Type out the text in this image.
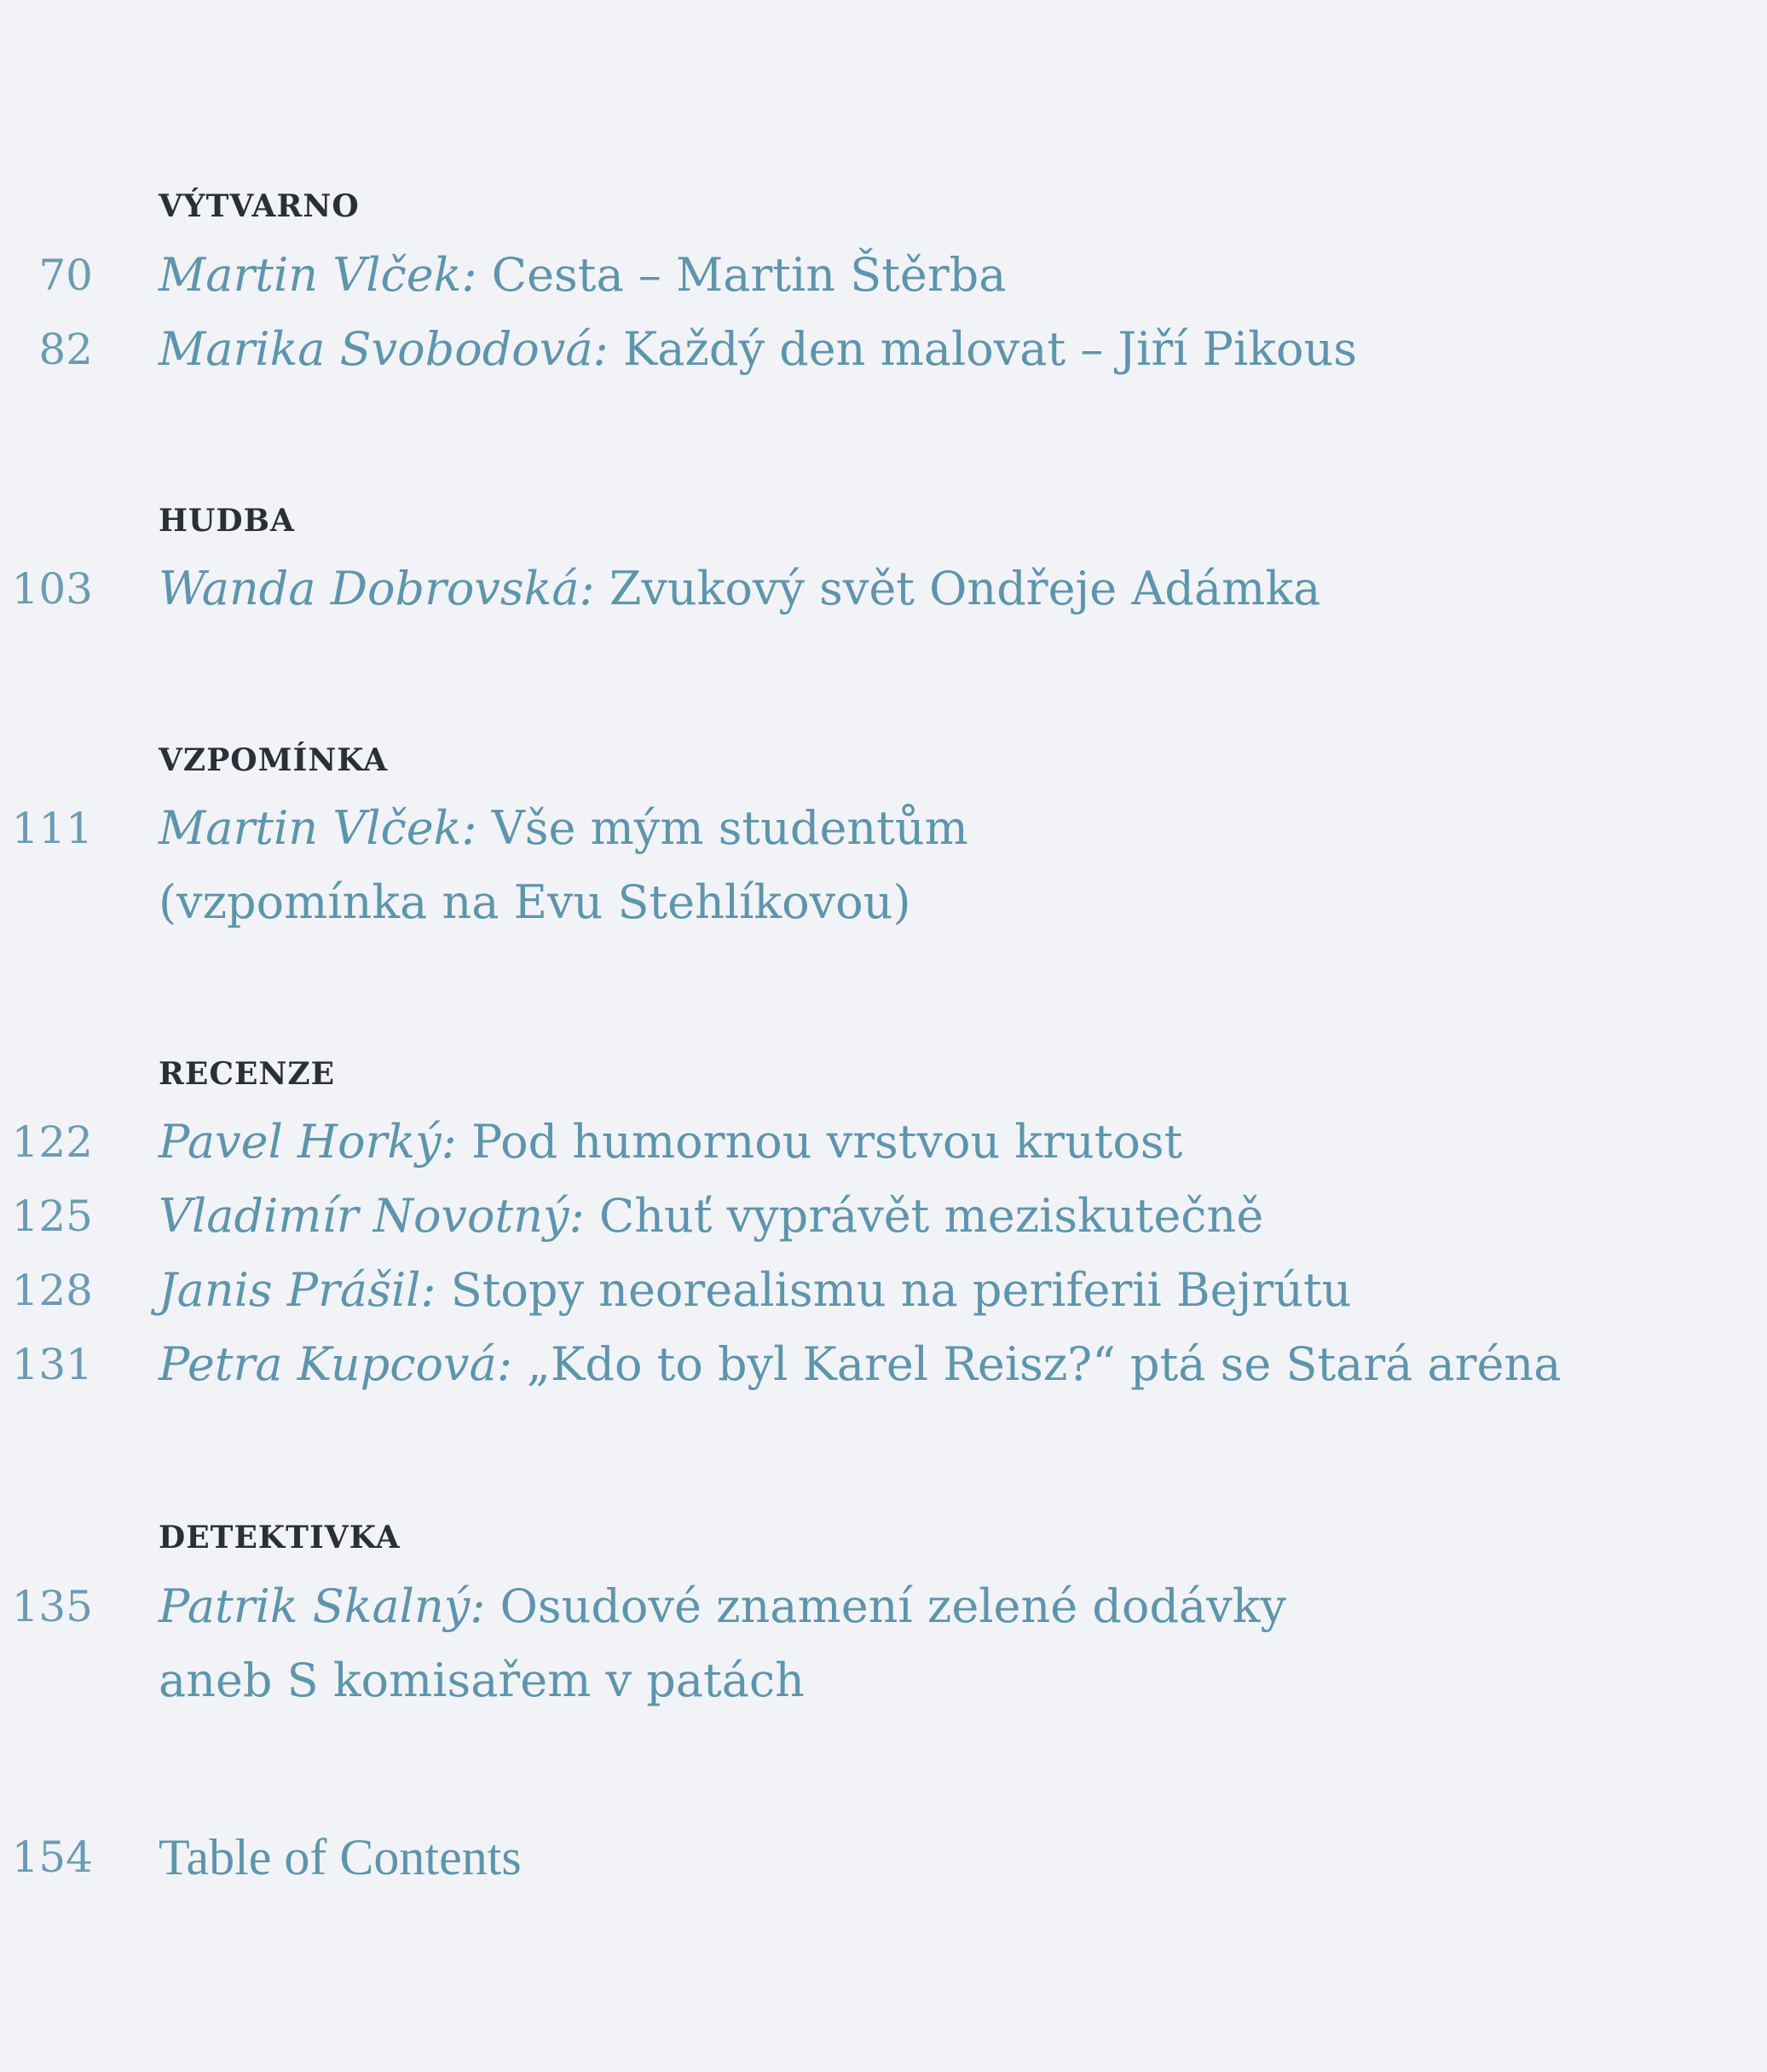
VÝTVARNO
70 Martin Vlček: Cesta – Martin Štěrba
82 Marika Svobodová: Každý den malovat – Jiří Pikous
HUDBA
103 Wanda Dobrovská: Zvukový svět Ondřeje Adámka
VZPOMÍNKA
111 Martin Vlček: Vše mým studentům
(vzpomínka na Evu Stehlíkovou)
RECENZE
122 Pavel Horký: Pod humornou vrstvou krutost
125 Vladimír Novotný: Chuť vyprávět meziskutečně
128 Janis Prášil: Stopy neorealismu na periferii Bejrútu
131 Petra Kupcová: „Kdo to byl Karel Reisz?“ ptá se Stará aréna
DETEKTIVKA
135 Patrik Skalný: Osudové znamení zelené dodávky
aneb S komisařem v patách
154 Table of Contents
